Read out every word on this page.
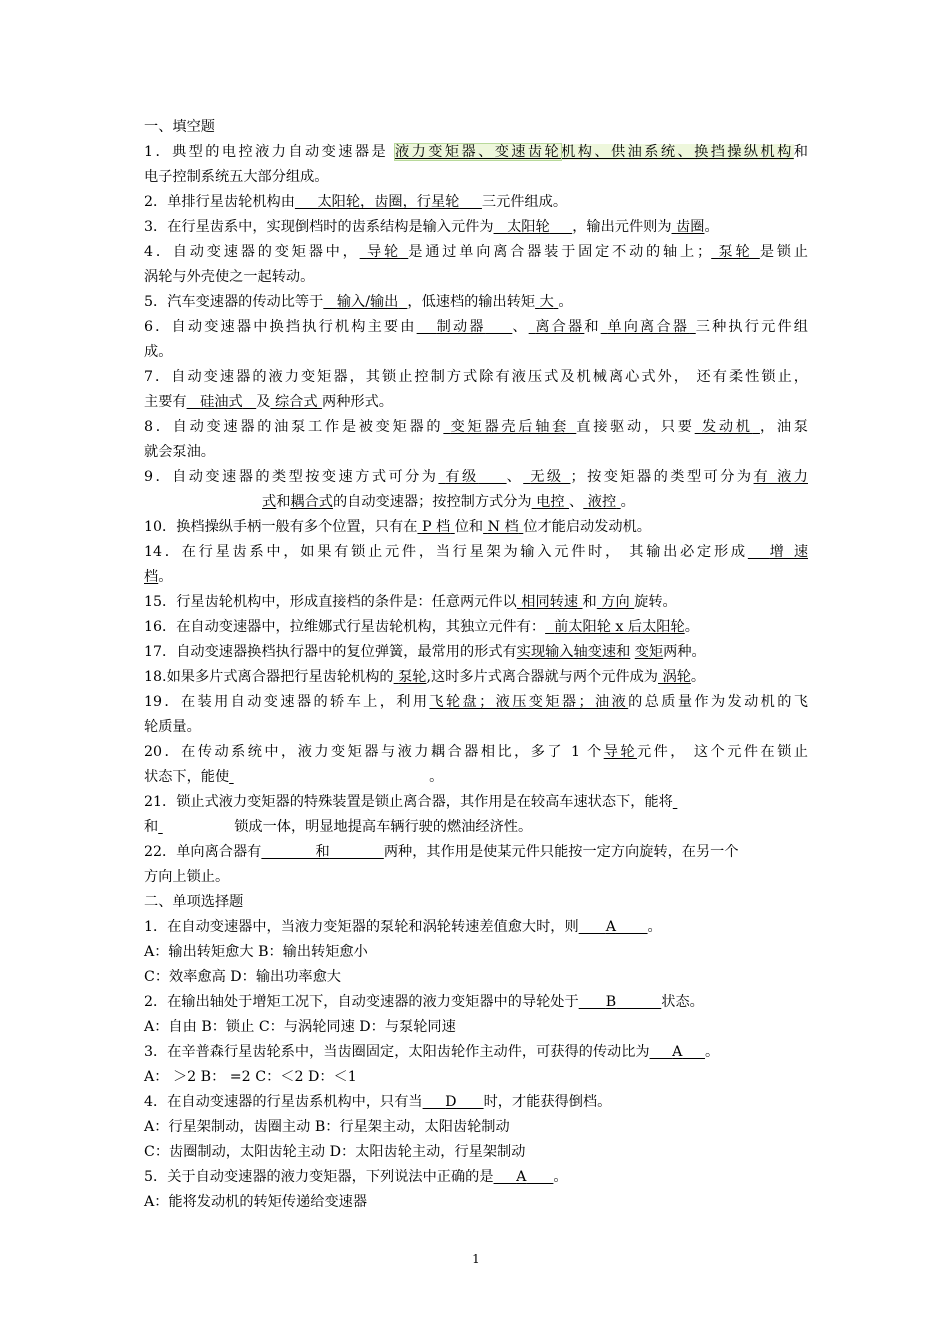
一、填空题
1．典型的电控液力自动变速器是 液力变矩器、变速齿轮机构、供油系统、换挡操纵机构和
电子控制系统五大部分组成。
2．单排行星齿轮机构由 太阳轮，齿圈，行星轮 三元件组成。
3．在行星齿系中，实现倒档时的齿系结构是输入元件为 太阳轮 ，输出元件则为 齿圈。
4．自动变速器的变矩器中， 导轮 是通过单向离合器装于固定不动的轴上； 泵轮 是锁止
涡轮与外壳使之一起转动。
5．汽车变速器的传动比等于 输入/输出 ，低速档的输出转矩 大 。
6．自动变速器中换挡执行机构主要由 制动器 、 离合器和 单向离合器 三种执行元件组
成。
7．自动变速器的液力变矩器，其锁止控制方式除有液压式及机械离心式外， 还有柔性锁止，
主要有 硅油式 及 综合式 两种形式。
8．自动变速器的油泵工作是被变矩器的 变矩器壳后轴套 直接驱动，只要 发动机 ，油泵
就会泵油。
9．自动变速器的类型按变速方式可分为 有级 、 无级 ；按变矩器的类型可分为有 液力
式和耦合式的自动变速器；按控制方式分为 电控 、 液控 。
10．换档操纵手柄一般有多个位置，只有在 P 档 位和 N 档 位才能启动发动机。
14．在行星齿系中，如果有锁止元件，当行星架为输入元件时， 其输出必定形成 增 速
档。
15．行星齿轮机构中，形成直接档的条件是：任意两元件以 相同转速 和 方向 旋转。
16．在自动变速器中，拉维娜式行星齿轮机构，其独立元件有： 前太阳轮 x 后太阳轮。
17．自动变速器换档执行器中的复位弹簧，最常用的形式有实现输入轴变速和 变矩两种。
18.如果多片式离合器把行星齿轮机构的 泵轮,这时多片式离合器就与两个元件成为 涡轮。
19．在装用自动变速器的轿车上，利用飞轮盘；液压变矩器；油液的总质量作为发动机的飞
轮质量。
20．在传动系统中，液力变矩器与液力耦合器相比，多了 1 个导轮元件， 这个元件在锁止
状态下，能使	。
21．锁止式液力变矩器的特殊装置是锁止离合器，其作用是在较高车速状态下，能将
和	锁成一体，明显地提高车辆行驶的燃油经济性。
22．单向离合器有	和	两种，其作用是使某元件只能按一定方向旋转，在另一个
方向上锁止。
二、单项选择题
1．在自动变速器中，当液力变矩器的泵轮和涡轮转速差值愈大时，则 A 。
A：输出转矩愈大 B：输出转矩愈小
C：效率愈高 D：输出功率愈大
2．在输出轴处于增矩工况下，自动变速器的液力变矩器中的导轮处于 B	状态。
A：自由 B：锁止 C：与涡轮同速 D：与泵轮同速
3．在辛普森行星齿轮系中，当齿圈固定，太阳齿轮作主动件，可获得的传动比为 A 。
A： ＞2 B： =2 C：＜2 D：＜1
4．在自动变速器的行星齿系机构中，只有当 D 时，才能获得倒档。
A：行星架制动，齿圈主动 B：行星架主动，太阳齿轮制动
C：齿圈制动，太阳齿轮主动 D：太阳齿轮主动，行星架制动
5．关于自动变速器的液力变矩器，下列说法中正确的是 A 。
A：能将发动机的转矩传递给变速器
1
